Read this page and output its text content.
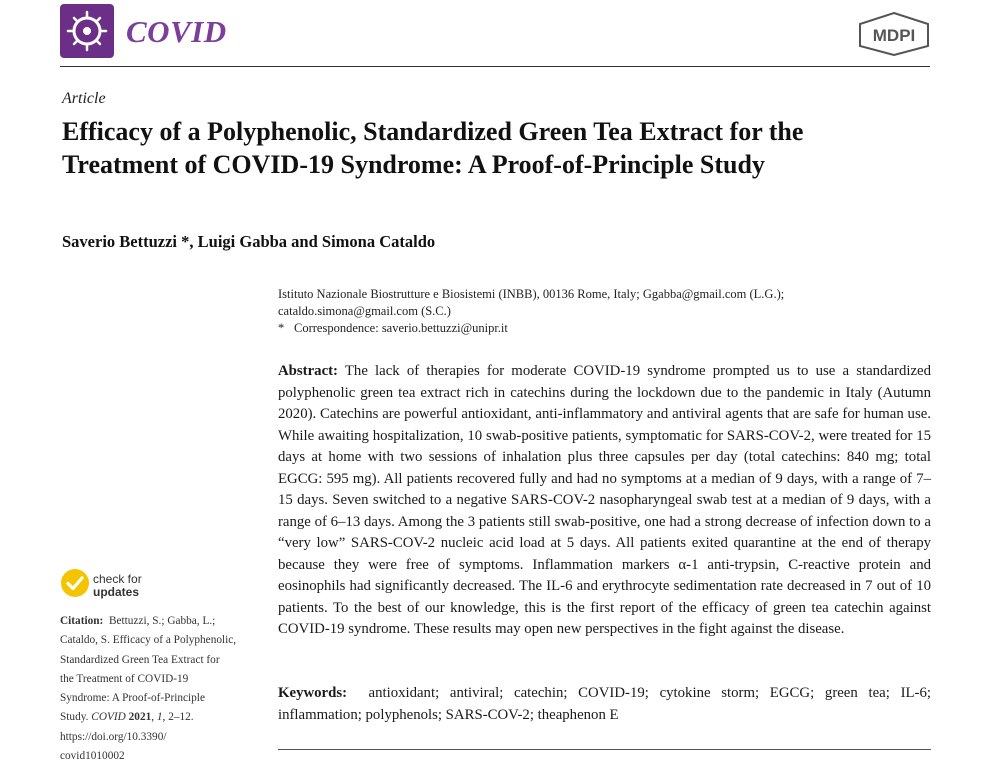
COVID	MDPI
Article
Efficacy of a Polyphenolic, Standardized Green Tea Extract for the Treatment of COVID-19 Syndrome: A Proof-of-Principle Study
Saverio Bettuzzi *, Luigi Gabba and Simona Cataldo
Istituto Nazionale Biostrutture e Biosistemi (INBB), 00136 Rome, Italy; Ggabba@gmail.com (L.G.);
cataldo.simona@gmail.com (S.C.)
* Correspondence: saverio.bettuzzi@unipr.it

Abstract: The lack of therapies for moderate COVID-19 syndrome prompted us to use a standardized polyphenolic green tea extract rich in catechins during the lockdown due to the pandemic in Italy (Autumn 2020). Catechins are powerful antioxidant, anti-inflammatory and antiviral agents that are safe for human use. While awaiting hospitalization, 10 swab-positive patients, symptomatic for SARS-COV-2, were treated for 15 days at home with two sessions of inhalation plus three capsules per day (total catechins: 840 mg; total EGCG: 595 mg). All patients recovered fully and had no symptoms at a median of 9 days, with a range of 7–15 days. Seven switched to a negative SARS-COV-2 nasopharyngeal swab test at a median of 9 days, with a range of 6–13 days. Among the 3 patients still swab-positive, one had a strong decrease of infection down to a “very low” SARS-COV-2 nucleic acid load at 5 days. All patients exited quarantine at the end of therapy because they were free of symptoms. Inflammation markers α-1 anti-trypsin, C-reactive protein and eosinophils had significantly decreased. The IL-6 and erythrocyte sedimentation rate decreased in 7 out of 10 patients. To the best of our knowledge, this is the first report of the efficacy of green tea catechin against COVID-19 syndrome. These results may open new perspectives in the fight against the disease.

Keywords: antioxidant; antiviral; catechin; COVID-19; cytokine storm; EGCG; green tea; IL-6; inflammation; polyphenols; SARS-COV-2; theaphenon E

check for
updates
Citation: Bettuzzi, S.; Gabba, L.;
Cataldo, S. Efficacy of a Polyphenolic,
Standardized Green Tea Extract for
the Treatment of COVID-19
Syndrome: A Proof-of-Principle
Study. COVID 2021, 1, 2–12.
https://doi.org/10.3390/
covid1010002
